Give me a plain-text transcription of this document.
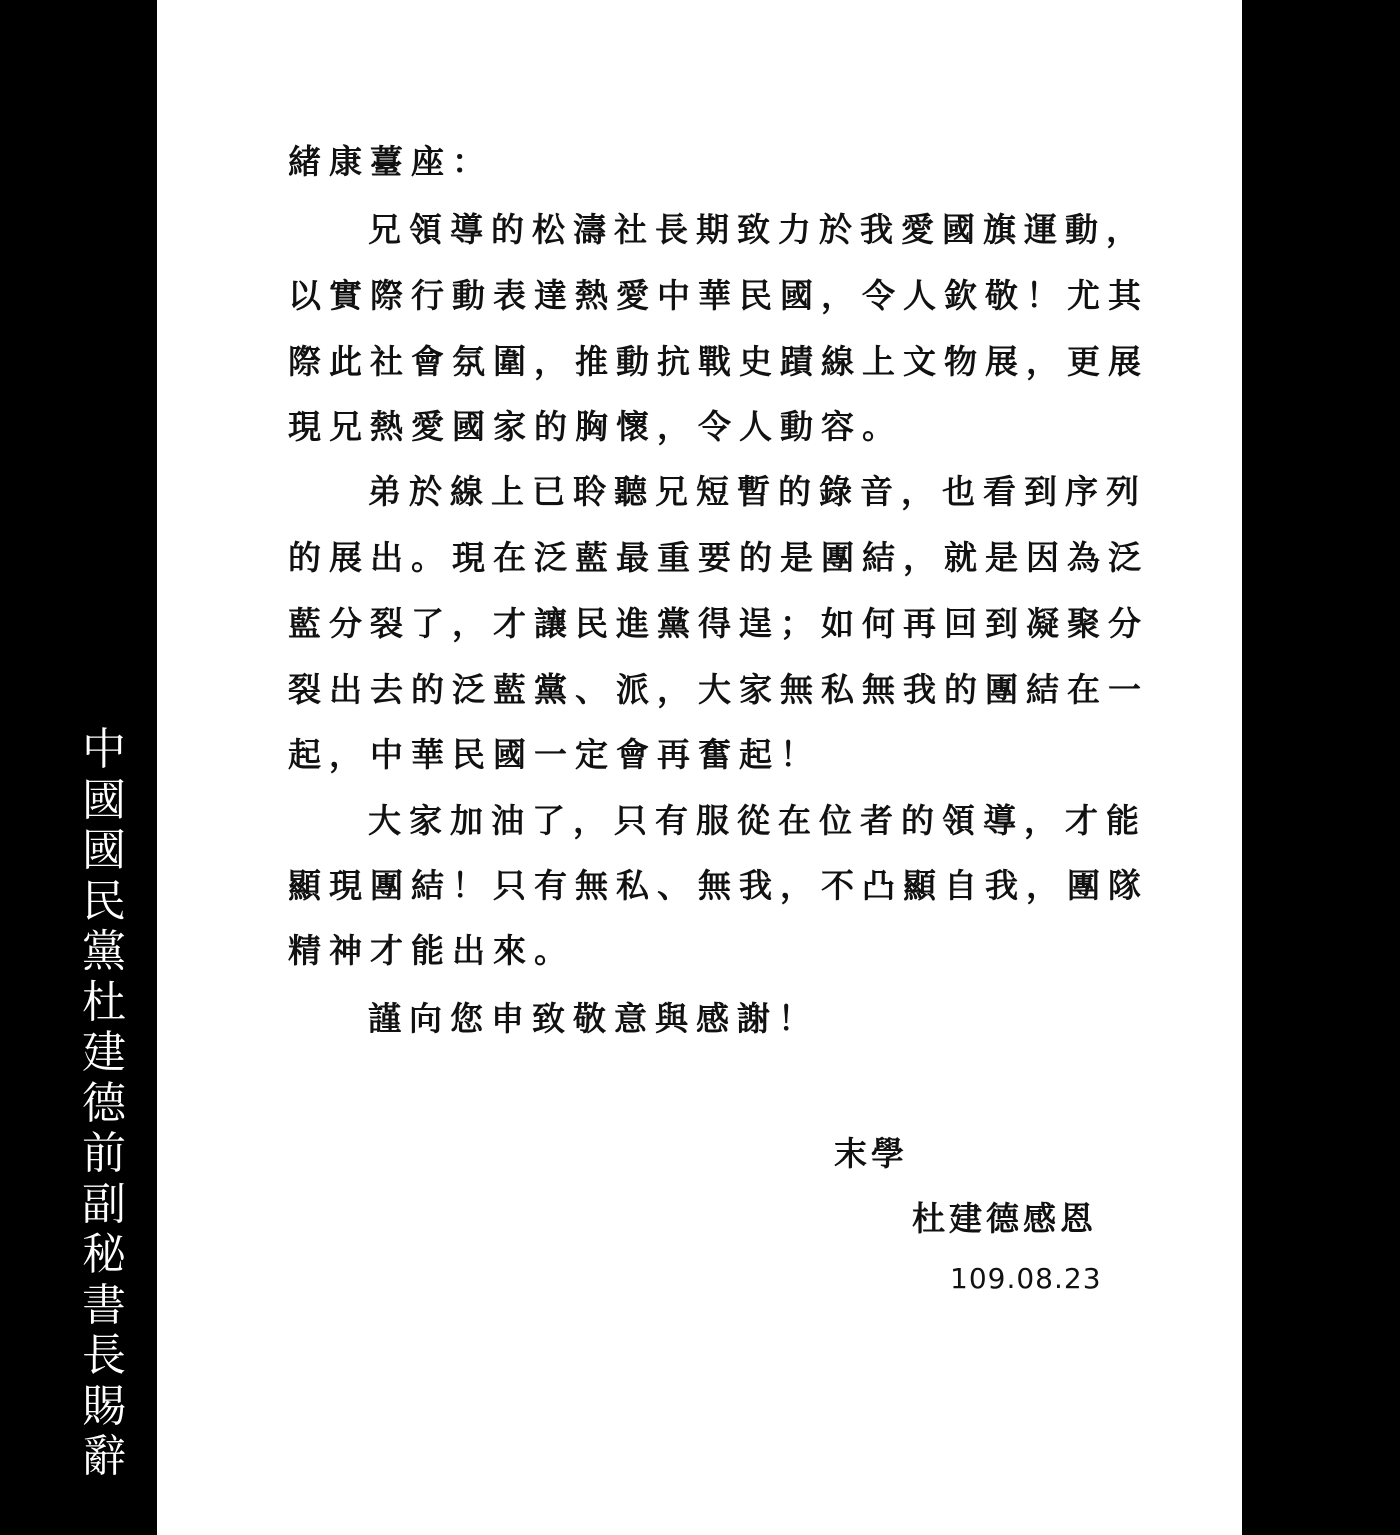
中
國
國
民
黨
杜
建
德
前
副
秘
書
長
賜
辭
緒康薹座：
兄領導的松濤社長期致力於我愛國旗運動，
以實際行動表達熱愛中華民國，令人欽敬！尤其
際此社會氛圍，推動抗戰史蹟線上文物展，更展
現兄熱愛國家的胸懷，令人動容。
弟於線上已聆聽兄短暫的錄音，也看到序列
的展出。現在泛藍最重要的是團結，就是因為泛
藍分裂了，才讓民進黨得逞；如何再回到凝聚分
裂出去的泛藍黨、派，大家無私無我的團結在一
起，中華民國一定會再奮起！
大家加油了，只有服從在位者的領導，才能
顯現團結！只有無私、無我，不凸顯自我，團隊
精神才能出來。
謹向您申致敬意與感謝！
末學
杜建德感恩
109.08.23
